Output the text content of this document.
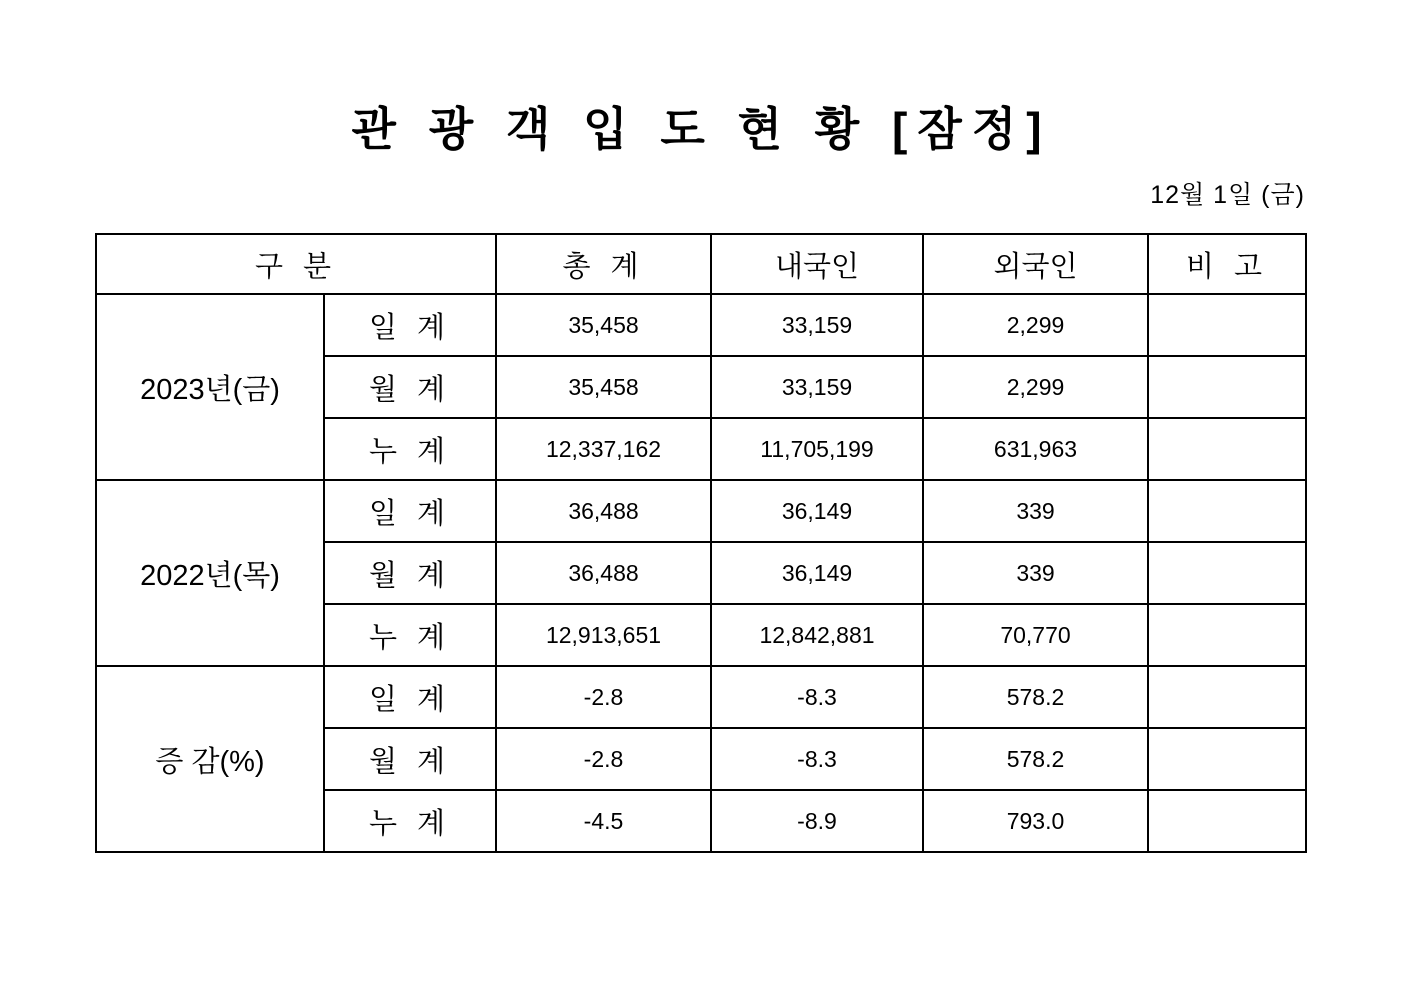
관 광 객 입 도 현 황 [잠정]
12월 1일 (금)
구 분		총 계	내국인	외국인	비 고
2023년(금)	일 계	35,458	33,159	2,299	
	월 계	35,458	33,159	2,299	
	누 계	12,337,162	11,705,199	631,963	
2022년(목)	일 계	36,488	36,149	339	
	월 계	36,488	36,149	339	
	누 계	12,913,651	12,842,881	70,770	
증 감(%)	일 계	-2.8	-8.3	578.2	
	월 계	-2.8	-8.3	578.2	
	누 계	-4.5	-8.9	793.0	
